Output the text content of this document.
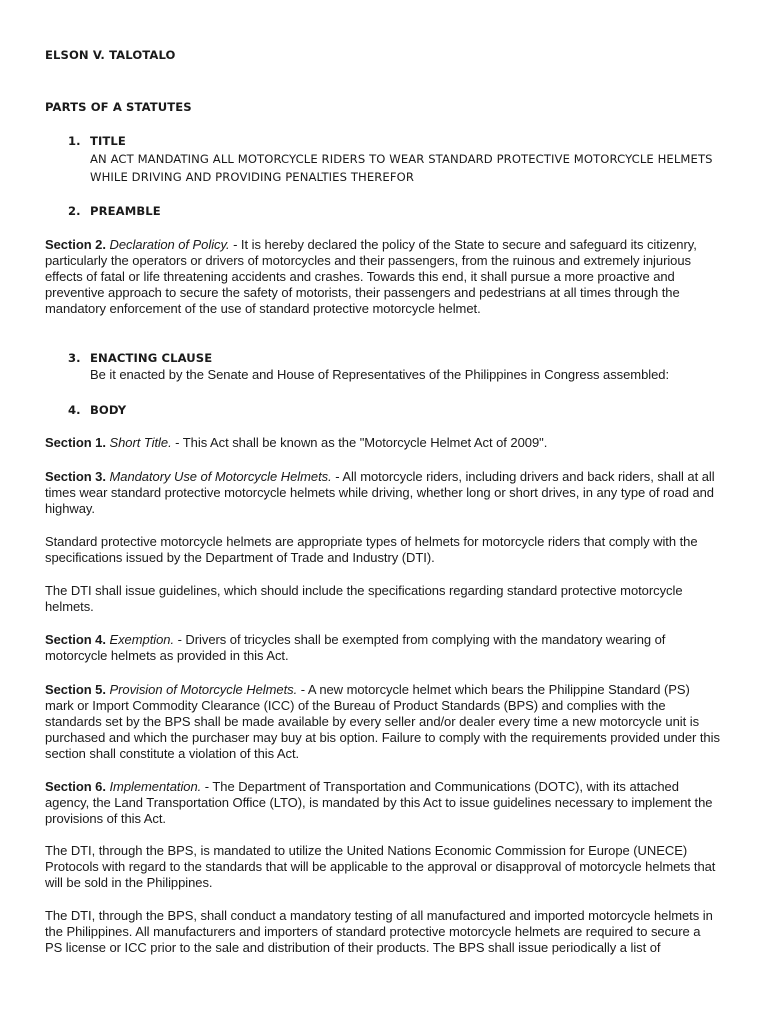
ELSON V. TALOTALO
PARTS OF A STATUTES
1. TITLE
AN ACT MANDATING ALL MOTORCYCLE RIDERS TO WEAR STANDARD PROTECTIVE MOTORCYCLE HELMETS
WHILE DRIVING AND PROVIDING PENALTIES THEREFOR
2. PREAMBLE
Section 2. Declaration of Policy. - It is hereby declared the policy of the State to secure and safeguard its citizenry, particularly the operators or drivers of motorcycles and their passengers, from the ruinous and extremely injurious effects of fatal or life threatening accidents and crashes. Towards this end, it shall pursue a more proactive and preventive approach to secure the safety of motorists, their passengers and pedestrians at all times through the mandatory enforcement of the use of standard protective motorcycle helmet.
3. ENACTING CLAUSE
Be it enacted by the Senate and House of Representatives of the Philippines in Congress assembled:
4. BODY
Section 1. Short Title. - This Act shall be known as the "Motorcycle Helmet Act of 2009".
Section 3. Mandatory Use of Motorcycle Helmets. - All motorcycle riders, including drivers and back riders, shall at all times wear standard protective motorcycle helmets while driving, whether long or short drives, in any type of road and highway.
Standard protective motorcycle helmets are appropriate types of helmets for motorcycle riders that comply with the specifications issued by the Department of Trade and Industry (DTI).
The DTI shall issue guidelines, which should include the specifications regarding standard protective motorcycle helmets.
Section 4. Exemption. - Drivers of tricycles shall be exempted from complying with the mandatory wearing of motorcycle helmets as provided in this Act.
Section 5. Provision of Motorcycle Helmets. - A new motorcycle helmet which bears the Philippine Standard (PS) mark or Import Commodity Clearance (ICC) of the Bureau of Product Standards (BPS) and complies with the standards set by the BPS shall be made available by every seller and/or dealer every time a new motorcycle unit is purchased and which the purchaser may buy at bis option. Failure to comply with the requirements provided under this section shall constitute a violation of this Act.
Section 6. Implementation. - The Department of Transportation and Communications (DOTC), with its attached agency, the Land Transportation Office (LTO), is mandated by this Act to issue guidelines necessary to implement the provisions of this Act.
The DTI, through the BPS, is mandated to utilize the United Nations Economic Commission for Europe (UNECE) Protocols with regard to the standards that will be applicable to the approval or disapproval of motorcycle helmets that will be sold in the Philippines.
The DTI, through the BPS, shall conduct a mandatory testing of all manufactured and imported motorcycle helmets in the Philippines. All manufacturers and importers of standard protective motorcycle helmets are required to secure a PS license or ICC prior to the sale and distribution of their products. The BPS shall issue periodically a list of
